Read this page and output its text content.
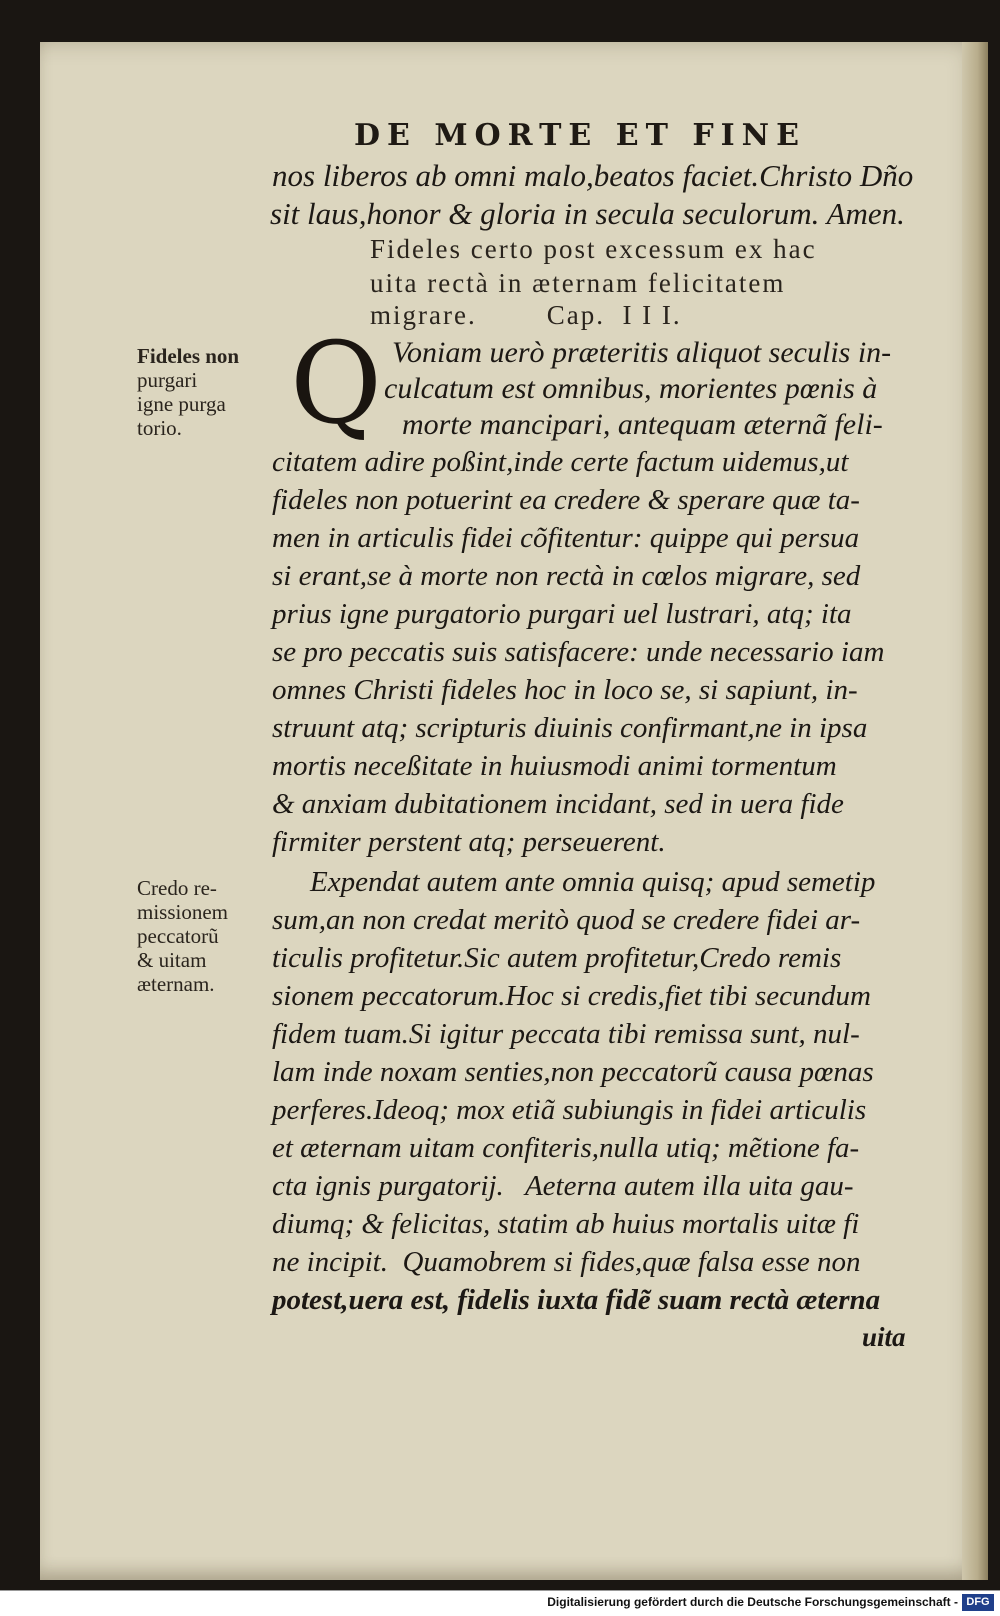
DE MORTE ET FINE
nos liberos ab omni malo,beatos faciet.Christo Dño
sit laus,honor & gloria in secula seculorum. Amen.
Fideles certo post excessum ex hac
uita rectà in æternam felicitatem
migrare.        Cap.  I I I.
Q Voniam uerò præteritis aliquot seculis in-
culcatum est omnibus, morientes pœnis à
morte mancipari, antequam æternã feli-
citatem adire poßint,inde certe factum uidemus,ut
fideles non potuerint ea credere & sperare quæ ta-
men in articulis fidei cõfitentur: quippe qui persua
si erant,se à morte non rectà in cœlos migrare, sed
prius igne purgatorio purgari uel lustrari, atq; ita
se pro peccatis suis satisfacere: unde necessario iam
omnes Christi fideles hoc in loco se, si sapiunt, in-
struunt atq; scripturis diuinis confirmant,ne in ipsa
mortis neceßitate in huiusmodi animi tormentum
& anxiam dubitationem incidant, sed in uera fide
firmiter perstent atq; perseuerent.
Expendat autem ante omnia quisq; apud semetip
sum,an non credat meritò quod se credere fidei ar-
ticulis profitetur.Sic autem profitetur,Credo remis
sionem peccatorum.Hoc si credis,fiet tibi secundum
fidem tuam.Si igitur peccata tibi remissa sunt, nul-
lam inde noxam senties,non peccatorũ causa pœnas
perferes.Ideoq; mox etiã subiungis in fidei articulis
et æternam uitam confiteris,nulla utiq; mẽtione fa-
cta ignis purgatorij.   Aeterna autem illa uita gau-
diumq; & felicitas, statim ab huius mortalis uitæ fi
ne incipit.  Quamobrem si fides,quæ falsa esse non
potest,uera est, fidelis iuxta fidẽ suam rectà æterna
uita
Fideles non
purgari
igne purga
torio.
Credo re-
missionem
peccatorũ
& uitam
æternam.
Digitalisierung gefördert durch die Deutsche Forschungsgemeinschaft - DFG
